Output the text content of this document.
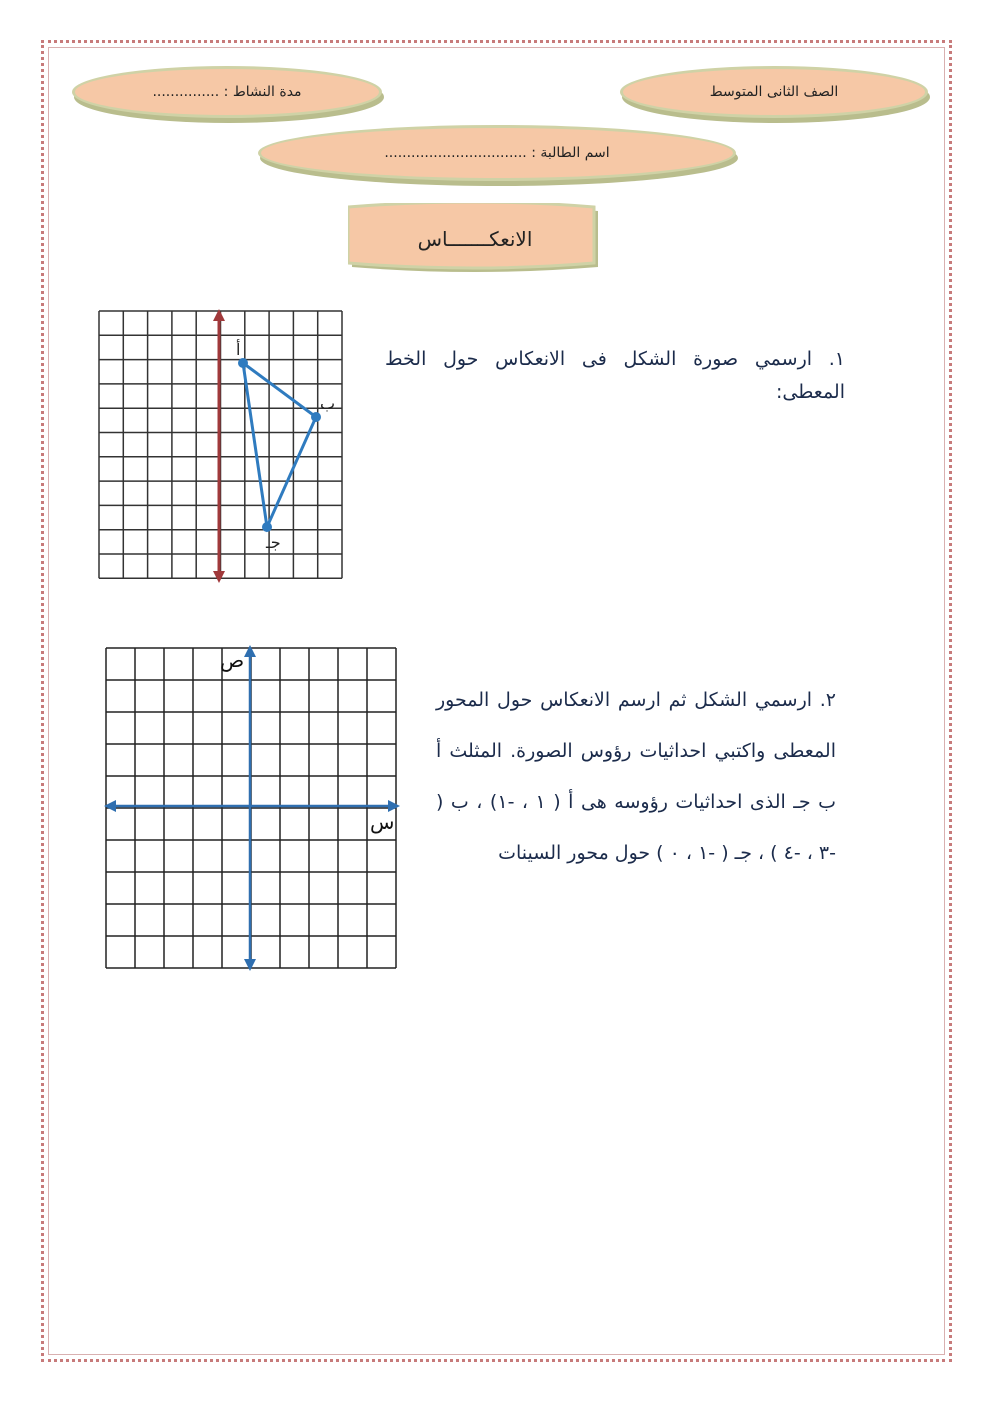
الصف الثانى المتوسط
مدة النشاط : ...............
اسم الطالبة : ................................
الانعكـــــــاس
١. ارسمي صورة الشكل فى الانعكاس حول الخط المعطى:
٢. ارسمي الشكل ثم ارسم الانعكاس حول المحور المعطى واكتبي احداثيات رؤوس الصورة. المثلث أ ب جـ الذى احداثيات رؤوسه هى أ ( ١ ، -١) ، ب ( -٣ ، -٤ ) ، جـ ( -١ ، ٠ ) حول محور السينات
أ
ب
جـ
س
ص
